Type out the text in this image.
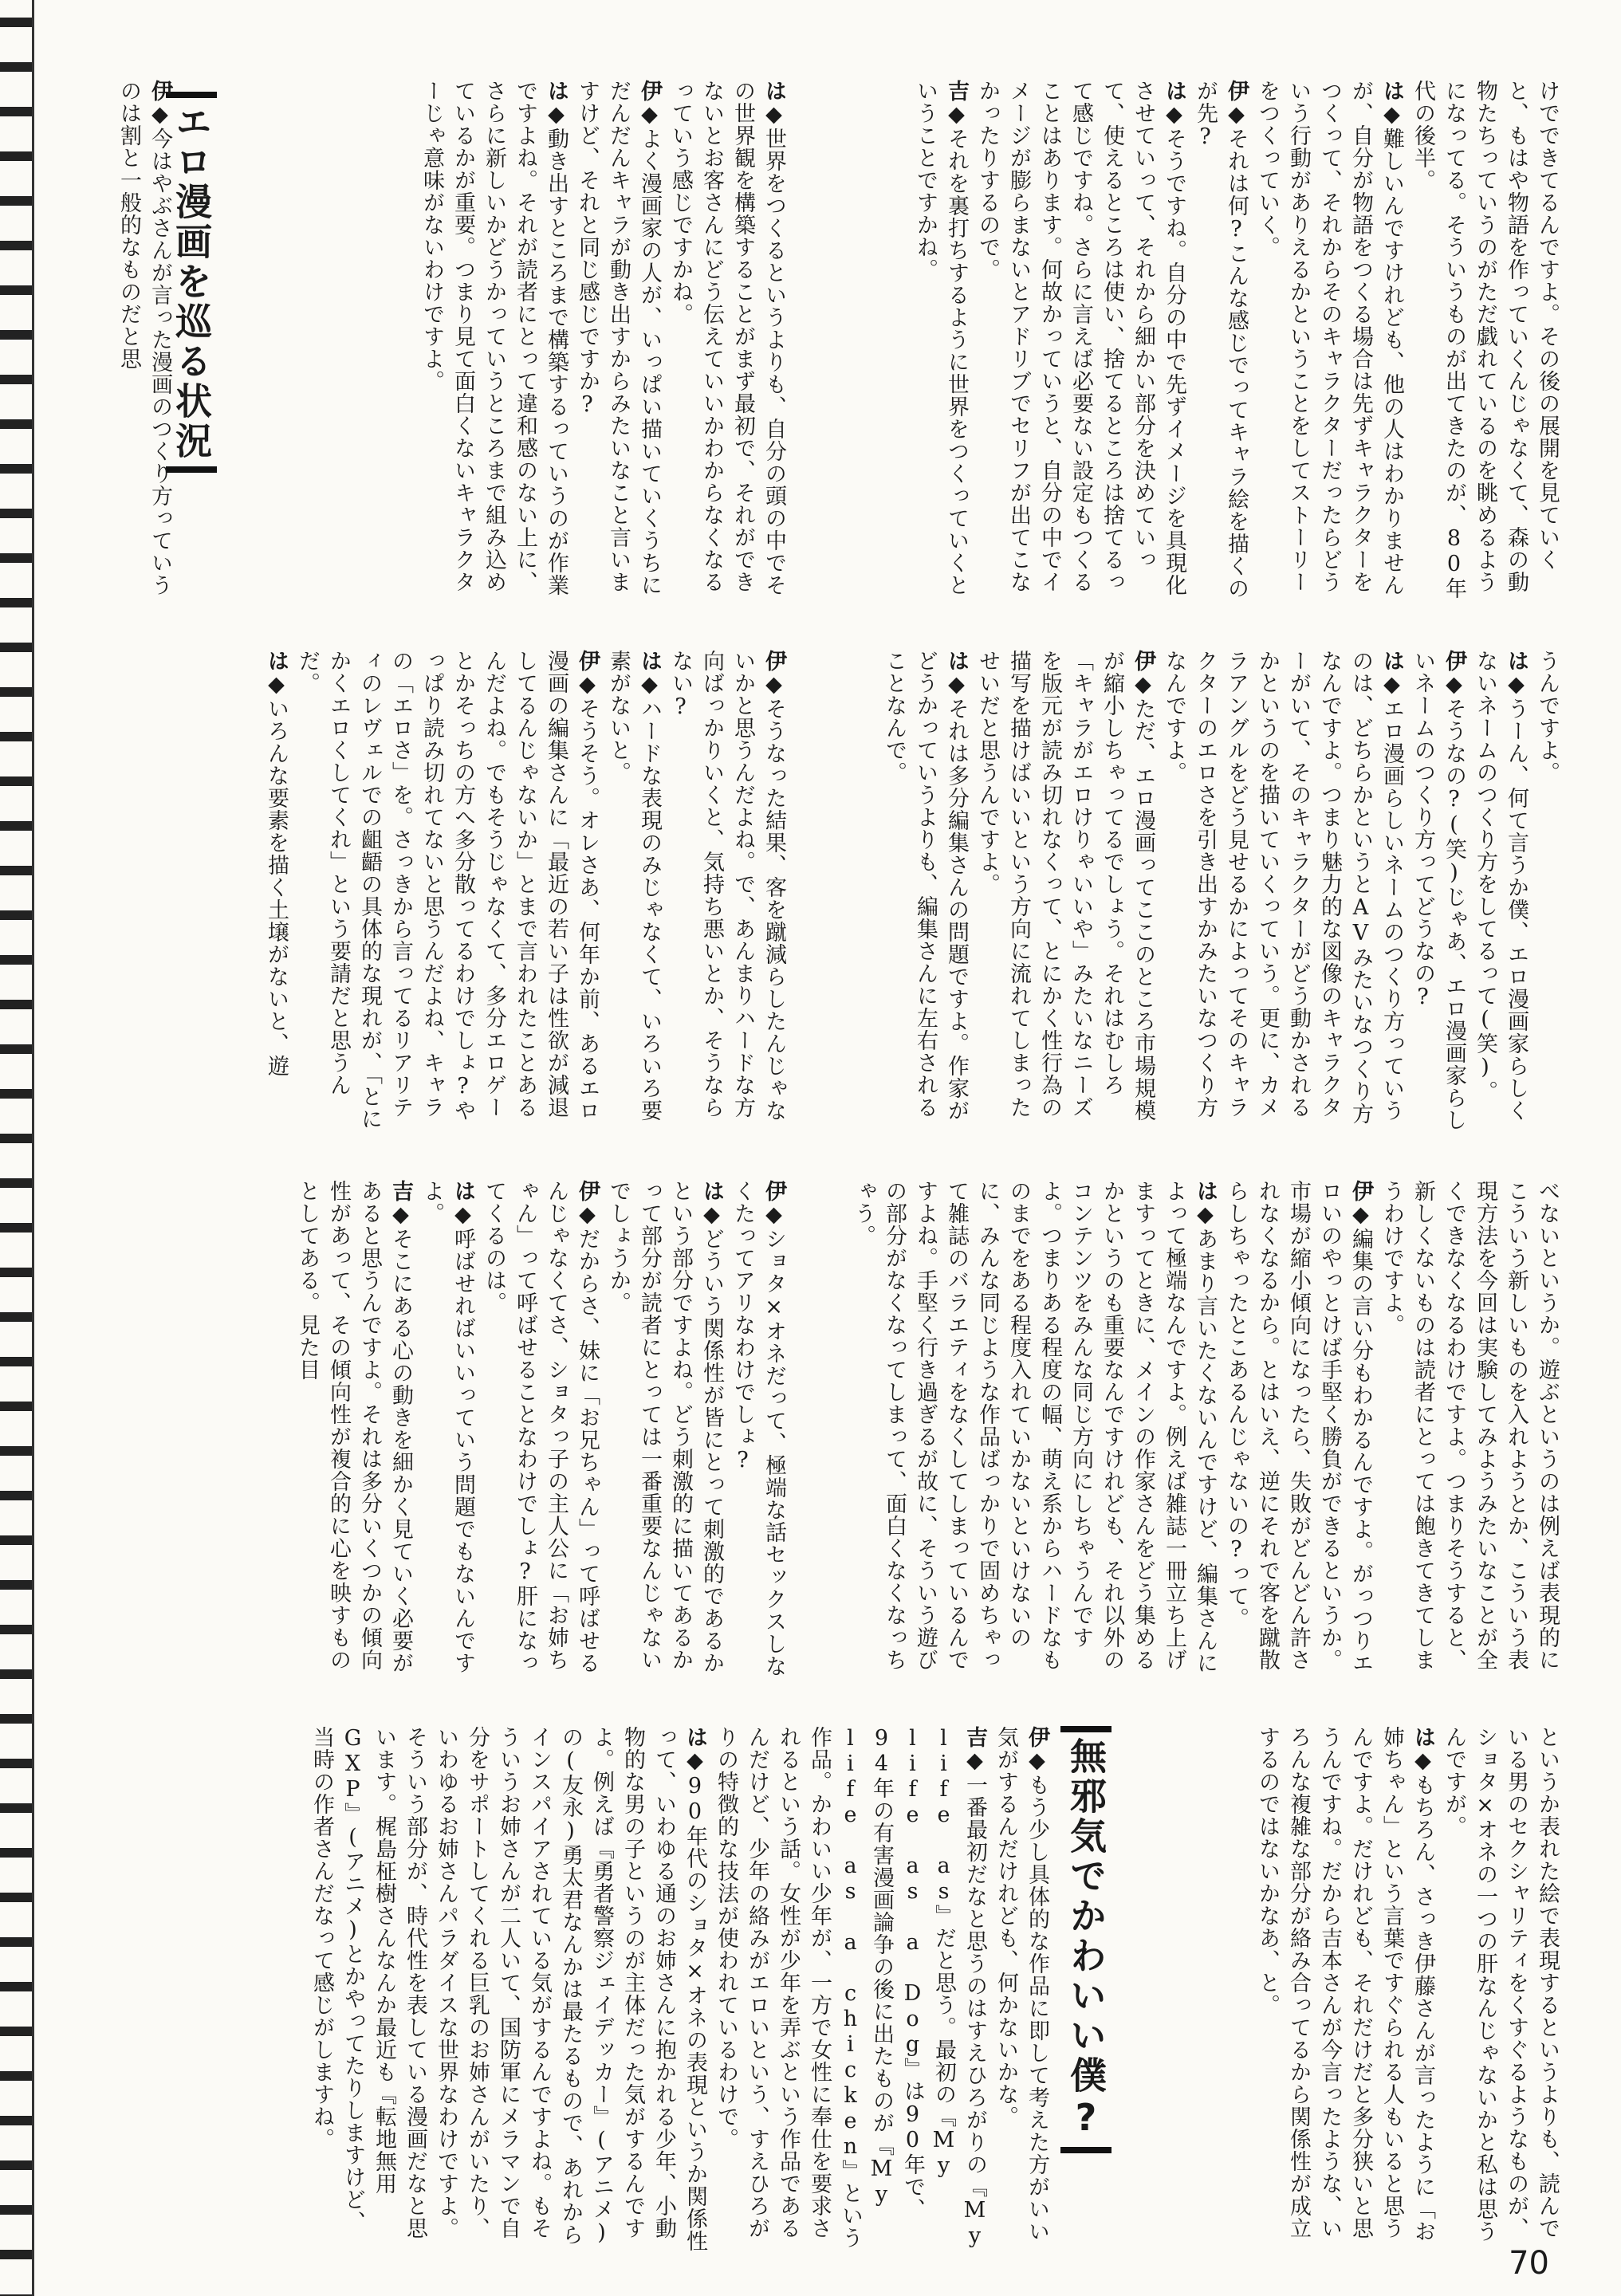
エロ漫画を巡る状況
無邪気でかわいい僕?
けでできてるんですよ。その後の展開を見ていくと、もはや物語を作っていくんじゃなくて、森の動物たちっていうのがただ戯れているのを眺めるようになってる。そういうものが出てきたのが、80年代の後半。
は◆難しいんですけれども、他の人はわかりませんが、自分が物語をつくる場合は先ずキャラクターをつくって、それからそのキャラクターだったらどういう行動がありえるかということをしてストーリーをつくっていく。
伊◆それは何?こんな感じでってキャラ絵を描くのが先?
は◆そうですね。自分の中で先ずイメージを具現化させていって、それから細かい部分を決めていって、使えるところは使い、捨てるところは捨てるって感じですね。さらに言えば必要ない設定もつくることはあります。何故かっていうと、自分の中でイメージが膨らまないとアドリブでセリフが出てこなかったりするので。
吉◆それを裏打ちするように世界をつくっていくということですかね。
は◆世界をつくるというよりも、自分の頭の中でその世界観を構築することがまず最初で、それができないとお客さんにどう伝えていいかわからなくなるっていう感じですかね。
伊◆よく漫画家の人が、いっぱい描いていくうちにだんだんキャラが動き出すからみたいなこと言いますけど、それと同じ感じですか?
は◆動き出すところまで構築するっていうのが作業ですよね。それが読者にとって違和感のない上に、さらに新しいかどうかっていうところまで組み込めているかが重要。つまり見て面白くないキャラクターじゃ意味がないわけですよ。
伊◆今はやぶさんが言った漫画のつくり方っていうのは割と一般的なものだと思
うんですよ。
は◆うーん、何て言うか僕、エロ漫画家らしくないネームのつくり方をしてるって(笑)。
伊◆そうなの?(笑)じゃあ、エロ漫画家らしいネームのつくり方ってどうなの?
は◆エロ漫画らしいネームのつくり方っていうのは、どちらかというとAVみたいなつくり方なんですよ。つまり魅力的な図像のキャラクターがいて、そのキャラクターがどう動かされるかというのを描いていくっていう。更に、カメラアングルをどう見せるかによってそのキャラクターのエロさを引き出すかみたいなつくり方なんですよ。
伊◆ただ、エロ漫画ってここのところ市場規模が縮小しちゃってるでしょう。それはむしろ「キャラがエロけりゃいいや」みたいなニーズを版元が読み切れなくって、とにかく性行為の描写を描けばいいという方向に流れてしまったせいだと思うんですよ。
は◆それは多分編集さんの問題ですよ。作家がどうかっていうよりも、編集さんに左右されることなんで。
伊◆そうなった結果、客を蹴減らしたんじゃないかと思うんだよね。で、あんまりハードな方向ばっかりいくと、気持ち悪いとか、そうならない?
は◆ハードな表現のみじゃなくて、いろいろ要素がないと。
伊◆そうそう。オレさあ、何年か前、あるエロ漫画の編集さんに「最近の若い子は性欲が減退してるんじゃないか」とまで言われたことあるんだよね。でもそうじゃなくて、多分エロゲーとかそっちの方へ多分散ってるわけでしょ?やっぱり読み切れてないと思うんだよね、キャラの「エロさ」を。さっきから言ってるリアリティのレヴェルでの齟齬の具体的な現れが、「とにかくエロくしてくれ」という要請だと思うんだ。
は◆いろんな要素を描く土壌がないと、遊
べないというか。遊ぶというのは例えば表現的にこういう新しいものを入れようとか、こういう表現方法を今回は実験してみようみたいなことが全くできなくなるわけですよ。つまりそうすると、新しくないものは読者にとっては飽きてきてしまうわけですよ。
伊◆編集の言い分もわかるんですよ。がっつりエロいのやっとけば手堅く勝負ができるというか。市場が縮小傾向になったら、失敗がどんどん許されなくなるから。とはいえ、逆にそれで客を蹴散らしちゃったとこあるんじゃないの?って。
は◆あまり言いたくないんですけど、編集さんによって極端なんですよ。例えば雑誌一冊立ち上げますってときに、メインの作家さんをどう集めるかというのも重要なんですけれども、それ以外のコンテンツをみんな同じ方向にしちゃうんですよ。つまりある程度の幅、萌え系からハードなものまでをある程度入れていかないといけないのに、みんな同じような作品ばっかりで固めちゃって雑誌のバラエティをなくしてしまっているんですよね。手堅く行き過ぎるが故に、そういう遊びの部分がなくなってしまって、面白くなくなっちゃう。
伊◆ショタ×オネだって、極端な話セックスしなくたってアリなわけでしょ?
は◆どういう関係性が皆にとって刺激的であるかという部分ですよね。どう刺激的に描いてあるかって部分が読者にとっては一番重要なんじゃないでしょうか。
伊◆だからさ、妹に「お兄ちゃん」って呼ばせるんじゃなくてさ、ショタっ子の主人公に「お姉ちゃん」って呼ばせることなわけでしょ?肝になってくるのは。
は◆呼ばせればいいっていう問題でもないんですよ。
吉◆そこにある心の動きを細かく見ていく必要があると思うんですよ。それは多分いくつかの傾向性があって、その傾向性が複合的に心を映すものとしてある。見た目
というか表れた絵で表現するというよりも、読んでいる男のセクシャリティをくすぐるようなものが、ショタ×オネの一つの肝なんじゃないかと私は思うんですが。
は◆もちろん、さっき伊藤さんが言ったように「お姉ちゃん」という言葉ですぐられる人もいると思うんですよ。だけれども、それだけだと多分狭いと思うんですね。だから吉本さんが今言ったような、いろんな複雑な部分が絡み合ってるから関係性が成立するのではないかなあ、と。
伊◆もう少し具体的な作品に即して考えた方がいい気がするんだけれども、何かないかな。
吉◆一番最初だなと思うのはすえひろがりの『My life as』だと思う。最初の『My life as a Dog』は90年で、94年の有害漫画論争の後に出たものが『My life as a chicken』という作品。かわいい少年が、一方で女性に奉仕を要求されるという話。女性が少年を弄ぶという作品であるんだけど、少年の絡みがエロいという、すえひろがりの特徴的な技法が使われているわけで。
は◆90年代のショタ×オネの表現というか関係性って、いわゆる通のお姉さんに抱かれる少年、小動物的な男の子というのが主体だった気がするんですよ。例えば『勇者警察ジェイデッカー』(アニメ)の(友永)勇太君なんかは最たるもので、あれからインスパイアされている気がするんですよね。もそういうお姉さんが二人いて、国防軍にメラマンで自分をサポートしてくれる巨乳のお姉さんがいたり、いわゆるお姉さんパラダイスな世界なわけですよ。そういう部分が、時代性を表している漫画だなと思います。梶島柾樹さんなんか最近も『転地無用GXP』(アニメ)とかやってたりしますけど、当時の作者さんだなって感じがしますね。
70
